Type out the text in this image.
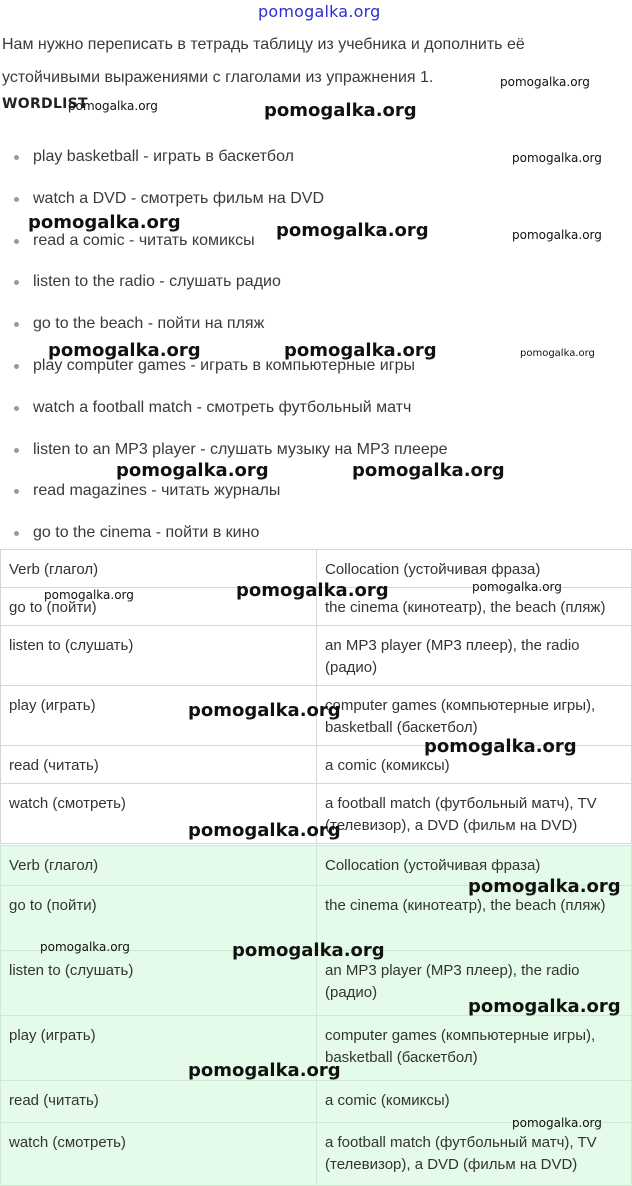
pomogalka.org

Нам нужно переписать в тетрадь таблицу из учебника и дополнить её

устойчивыми выражениями с глаголами из упражнения 1.

WORDLIST
play basketball - играть в баскетбол
watch a DVD - смотреть фильм на DVD
read a comic - читать комиксы
listen to the radio - слушать радио
go to the beach - пойти на пляж
play computer games - играть в компьютерные игры
watch a football match - смотреть футбольный матч
listen to an MP3 player - слушать музыку на MP3 плеере
read magazines - читать журналы
go to the cinema - пойти в кино
Verb (глагол)	Collocation (устойчивая фраза)
go to (пойти)	the cinema (кинотеатр), the beach (пляж)
listen to (слушать)	an MP3 player (MP3 плеер), the radio (радио)
play (играть)	computer games (компьютерные игры), basketball (баскетбол)
read (читать)	a comic (комиксы)
watch (смотреть)	a football match (футбольный матч), TV (телевизор), a DVD (фильм на DVD)
Verb (глагол)	Collocation (устойчивая фраза)
go to (пойти)	the cinema (кинотеатр), the beach (пляж)
listen to (слушать)	an MP3 player (MP3 плеер), the radio (радио)
play (играть)	computer games (компьютерные игры), basketball (баскетбол)
read (читать)	a comic (комиксы)
watch (смотреть)	a football match (футбольный матч), TV (телевизор), a DVD (фильм на DVD)
pomogalka.org
pomogalka.org	pomogalka.org
pomogalka.org
pomogalka.org	pomogalka.org	pomogalka.org
pomogalka.org	pomogalka.org	pomogalka.org
pomogalka.org	pomogalka.org
pomogalka.org	pomogalka.org
pomogalka.org
pomogalka.org
pomogalka.org
pomogalka.org
pomogalka.org
pomogalka.org
pomogalka.org
pomogalka.org
pomogalka.org
pomogalka.org
